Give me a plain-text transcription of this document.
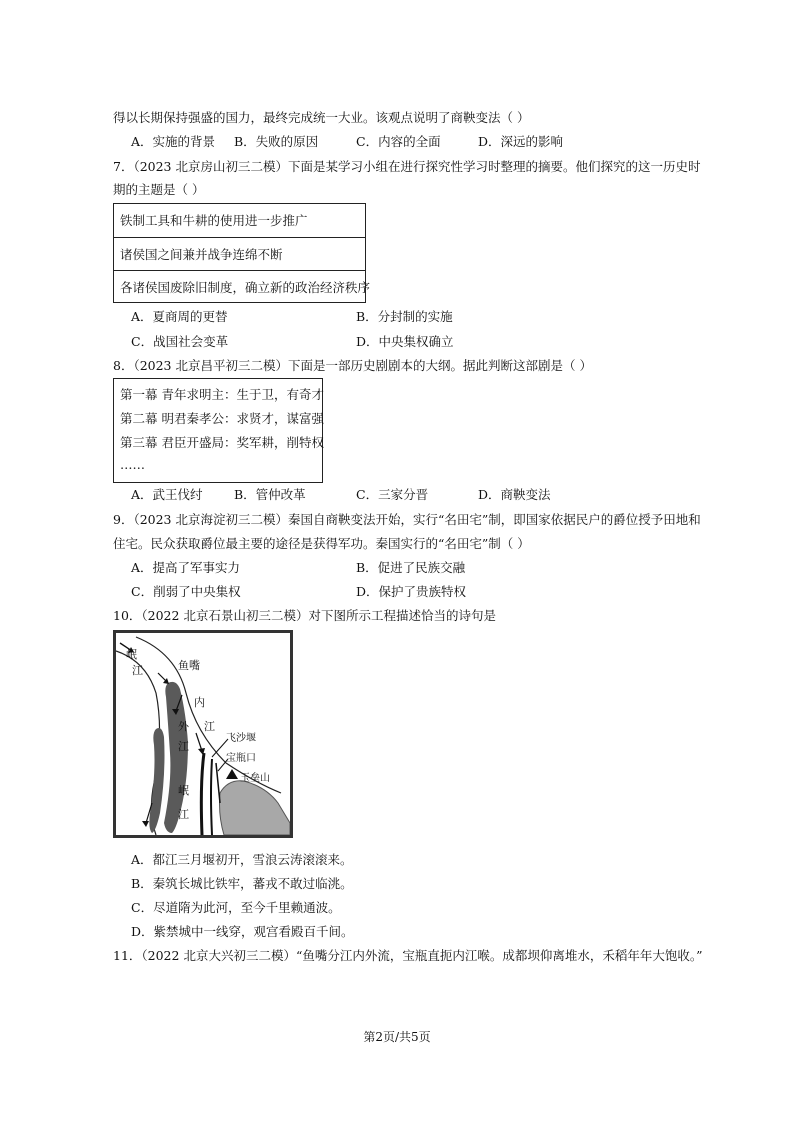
得以长期保持强盛的国力，最终完成统一大业。该观点说明了商鞅变法（ ）
A．实施的背景 B．失败的原因	C．内容的全面	D．深远的影响
7．（2023 北京房山初三二模）下面是某学习小组在进行探究性学习时整理的摘要。他们探究的这一历史时
期的主题是（ ）
铁制工具和牛耕的使用进一步推广
诸侯国之间兼并战争连绵不断
各诸侯国废除旧制度，确立新的政治经济秩序
A．夏商周的更替	B．分封制的实施
C．战国社会变革	D．中央集权确立
8．（2023 北京昌平初三二模）下面是一部历史剧剧本的大纲。据此判断这部剧是（ ）
第一幕 青年求明主：生于卫，有奇才
第二幕 明君秦孝公：求贤才，谋富强
第三幕 君臣开盛局：奖军耕，削特权
……
A．武王伐纣	B．管仲改革	C．三家分晋	D．商鞅变法
9．（2023 北京海淀初三二模）秦国自商鞅变法开始，实行“名田宅”制，即国家依据民户的爵位授予田地和
住宅。民众获取爵位最主要的途径是获得军功。秦国实行的“名田宅”制（ ）
A．提高了军事实力	B．促进了民族交融
C．削弱了中央集权	D．保护了贵族特权
10．（2022 北京石景山初三二模）对下图所示工程描述恰当的诗句是
岷
江	鱼嘴
内
江
外
江
飞沙堰
宝瓶口
玉垒山
岷
江
A．都江三月堰初开，雪浪云涛滚滚来。
B．秦筑长城比铁牢，蕃戎不敢过临洮。
C．尽道隋为此河，至今千里赖通波。
D．紫禁城中一线穿，观宫看殿百千间。
11．（2022 北京大兴初三二模）“鱼嘴分江内外流，宝瓶直扼内江喉。成都坝仰离堆水，禾稻年年大饱收。”
第2页/共5页
